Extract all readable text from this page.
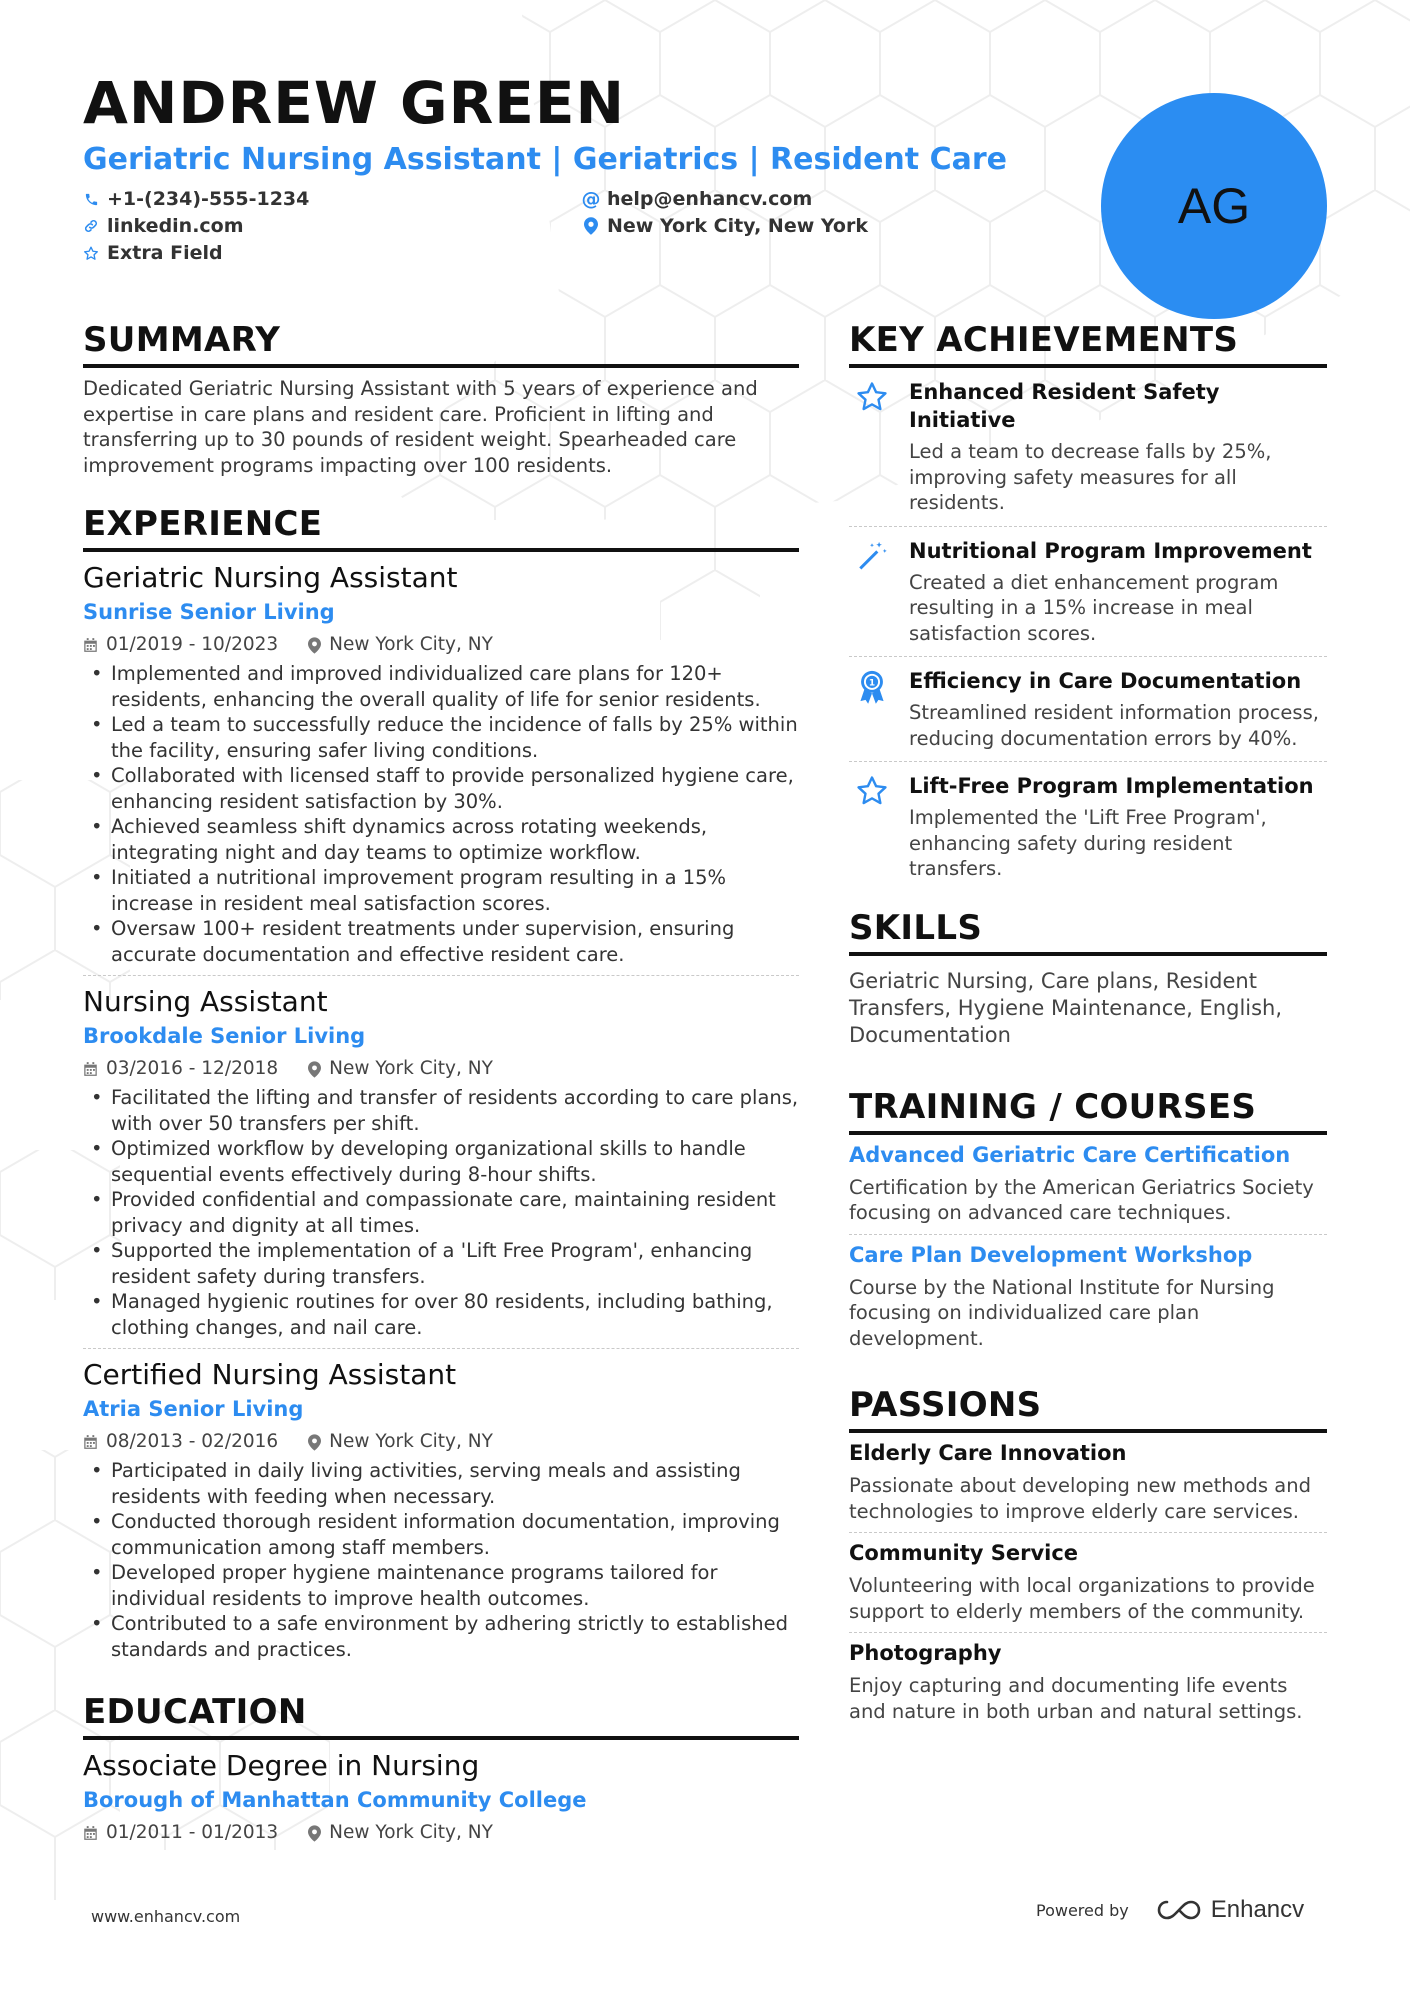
ANDREW GREEN
Geriatric Nursing Assistant | Geriatrics | Resident Care
+1-(234)-555-1234
linkedin.com
Extra Field
@ help@enhancv.com
New York City, New York	AG
SUMMARY
Dedicated Geriatric Nursing Assistant with 5 years of experience and expertise in care plans and resident care. Proficient in lifting and transferring up to 30 pounds of resident weight. Spearheaded care improvement programs impacting over 100 residents.
EXPERIENCE
Geriatric Nursing Assistant
Sunrise Senior Living
01/2019 - 10/2023	New York City, NY
• Implemented and improved individualized care plans for 120+ residents, enhancing the overall quality of life for senior residents.
• Led a team to successfully reduce the incidence of falls by 25% within the facility, ensuring safer living conditions.
• Collaborated with licensed staff to provide personalized hygiene care, enhancing resident satisfaction by 30%.
• Achieved seamless shift dynamics across rotating weekends, integrating night and day teams to optimize workflow.
• Initiated a nutritional improvement program resulting in a 15% increase in resident meal satisfaction scores.
• Oversaw 100+ resident treatments under supervision, ensuring accurate documentation and effective resident care.
Nursing Assistant
Brookdale Senior Living
03/2016 - 12/2018	New York City, NY
• Facilitated the lifting and transfer of residents according to care plans, with over 50 transfers per shift.
• Optimized workflow by developing organizational skills to handle sequential events effectively during 8-hour shifts.
• Provided confidential and compassionate care, maintaining resident privacy and dignity at all times.
• Supported the implementation of a 'Lift Free Program', enhancing resident safety during transfers.
• Managed hygienic routines for over 80 residents, including bathing, clothing changes, and nail care.
Certified Nursing Assistant
Atria Senior Living
08/2013 - 02/2016	New York City, NY
• Participated in daily living activities, serving meals and assisting residents with feeding when necessary.
• Conducted thorough resident information documentation, improving communication among staff members.
• Developed proper hygiene maintenance programs tailored for individual residents to improve health outcomes.
• Contributed to a safe environment by adhering strictly to established standards and practices.
EDUCATION
Associate Degree in Nursing
Borough of Manhattan Community College
01/2011 - 01/2013	New York City, NY
KEY ACHIEVEMENTS
Enhanced Resident Safety Initiative
Led a team to decrease falls by 25%, improving safety measures for all residents.
Nutritional Program Improvement
Created a diet enhancement program resulting in a 15% increase in meal satisfaction scores.
1 Efficiency in Care Documentation
Streamlined resident information process, reducing documentation errors by 40%.
Lift-Free Program Implementation
Implemented the 'Lift Free Program', enhancing safety during resident transfers.
SKILLS
Geriatric Nursing, Care plans, Resident Transfers, Hygiene Maintenance, English, Documentation
TRAINING / COURSES
Advanced Geriatric Care Certification
Certification by the American Geriatrics Society focusing on advanced care techniques.
Care Plan Development Workshop
Course by the National Institute for Nursing focusing on individualized care plan development.
PASSIONS
Elderly Care Innovation
Passionate about developing new methods and technologies to improve elderly care services.
Community Service
Volunteering with local organizations to provide support to elderly members of the community.
Photography
Enjoy capturing and documenting life events and nature in both urban and natural settings.
www.enhancv.com	Powered by	Enhancv
